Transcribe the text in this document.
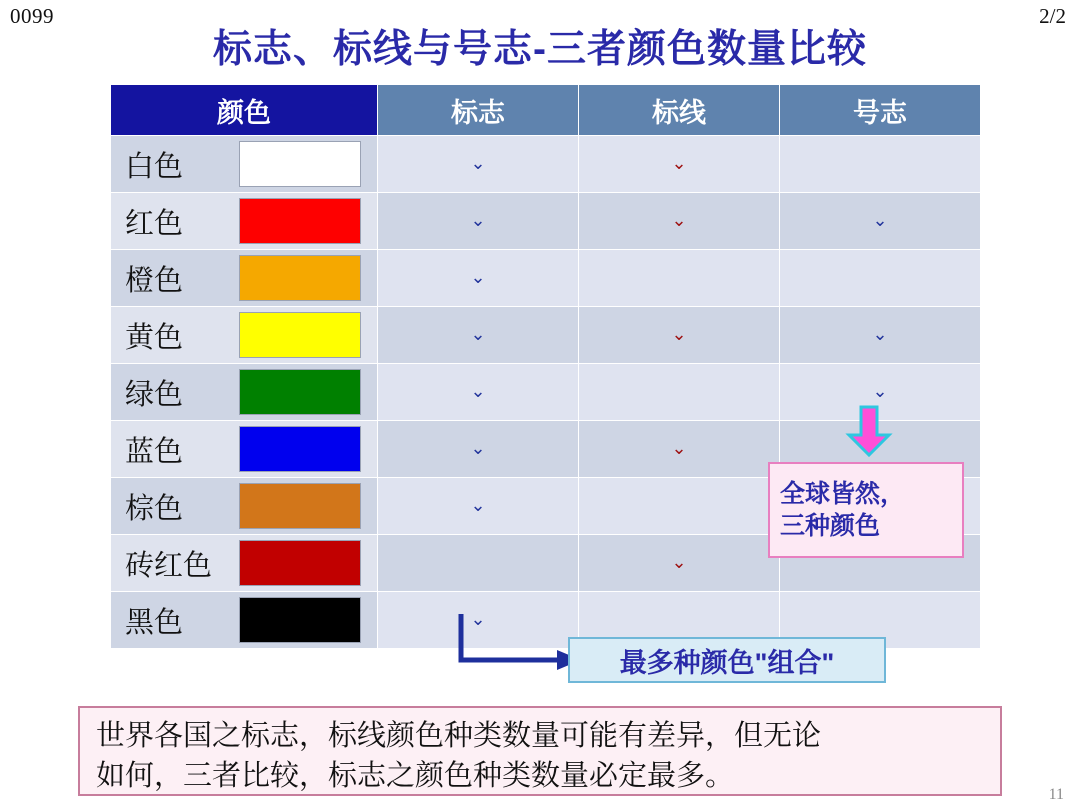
0099	2/2
11
标志、标线与号志-三者颜色数量比较
颜色	标志	标线	号志

白色	⌄	⌄	

红色	⌄	⌄	⌄

橙色	⌄		

黄色	⌄	⌄	⌄

绿色	⌄		⌄

蓝色	⌄	⌄	

棕色	⌄		

砖红色		⌄	

黑色	⌄		
全球皆然，
三种颜色
最多种颜色"组合"
世界各国之标志，标线颜色种类数量可能有差异，但无论
如何，三者比较，标志之颜色种类数量必定最多。
